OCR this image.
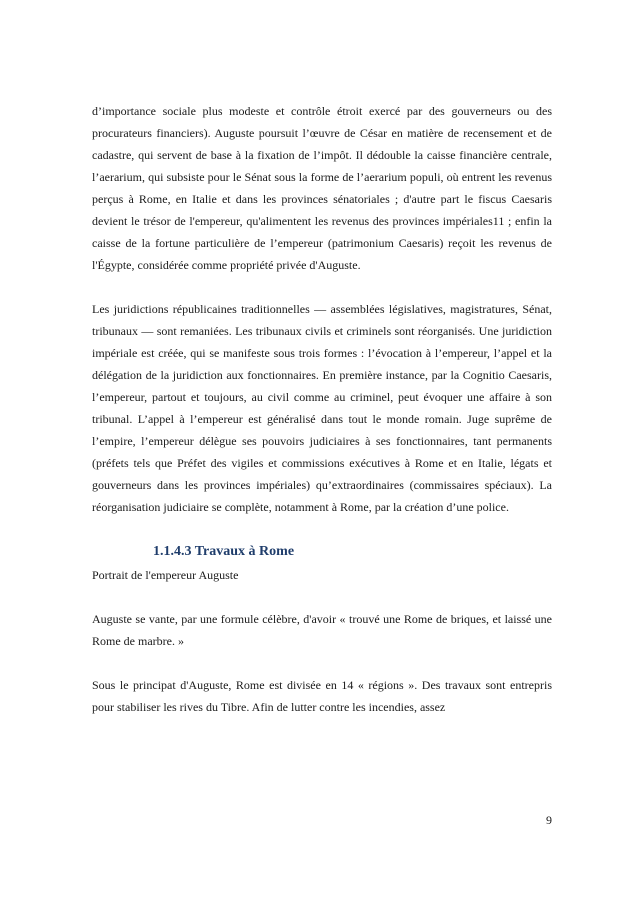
d’importance sociale plus modeste et contrôle étroit exercé par des gouverneurs ou des procurateurs financiers). Auguste poursuit l’œuvre de César en matière de recensement et de cadastre, qui servent de base à la fixation de l’impôt. Il dédouble la caisse financière centrale, l’aerarium, qui subsiste pour le Sénat sous la forme de l’aerarium populi, où entrent les revenus perçus à Rome, en Italie et dans les provinces sénatoriales ; d'autre part le fiscus Caesaris devient le trésor de l'empereur, qu'alimentent les revenus des provinces impériales11 ; enfin la caisse de la fortune particulière de l’empereur (patrimonium Caesaris) reçoit les revenus de l'Égypte, considérée comme propriété privée d'Auguste.

Les juridictions républicaines traditionnelles — assemblées législatives, magistratures, Sénat, tribunaux — sont remaniées. Les tribunaux civils et criminels sont réorganisés. Une juridiction impériale est créée, qui se manifeste sous trois formes : l’évocation à l’empereur, l’appel et la délégation de la juridiction aux fonctionnaires. En première instance, par la Cognitio Caesaris, l’empereur, partout et toujours, au civil comme au criminel, peut évoquer une affaire à son tribunal. L’appel à l’empereur est généralisé dans tout le monde romain. Juge suprême de l’empire, l’empereur délègue ses pouvoirs judiciaires à ses fonctionnaires, tant permanents (préfets tels que Préfet des vigiles et commissions exécutives à Rome et en Italie, légats et gouverneurs dans les provinces impériales) qu’extraordinaires (commissaires spéciaux). La réorganisation judiciaire se complète, notamment à Rome, par la création d’une police.

1.1.4.3 Travaux à Rome

Portrait de l'empereur Auguste

Auguste se vante, par une formule célèbre, d'avoir « trouvé une Rome de briques, et laissé une Rome de marbre. »

Sous le principat d'Auguste, Rome est divisée en 14 « régions ». Des travaux sont entrepris pour stabiliser les rives du Tibre. Afin de lutter contre les incendies, assez

9
